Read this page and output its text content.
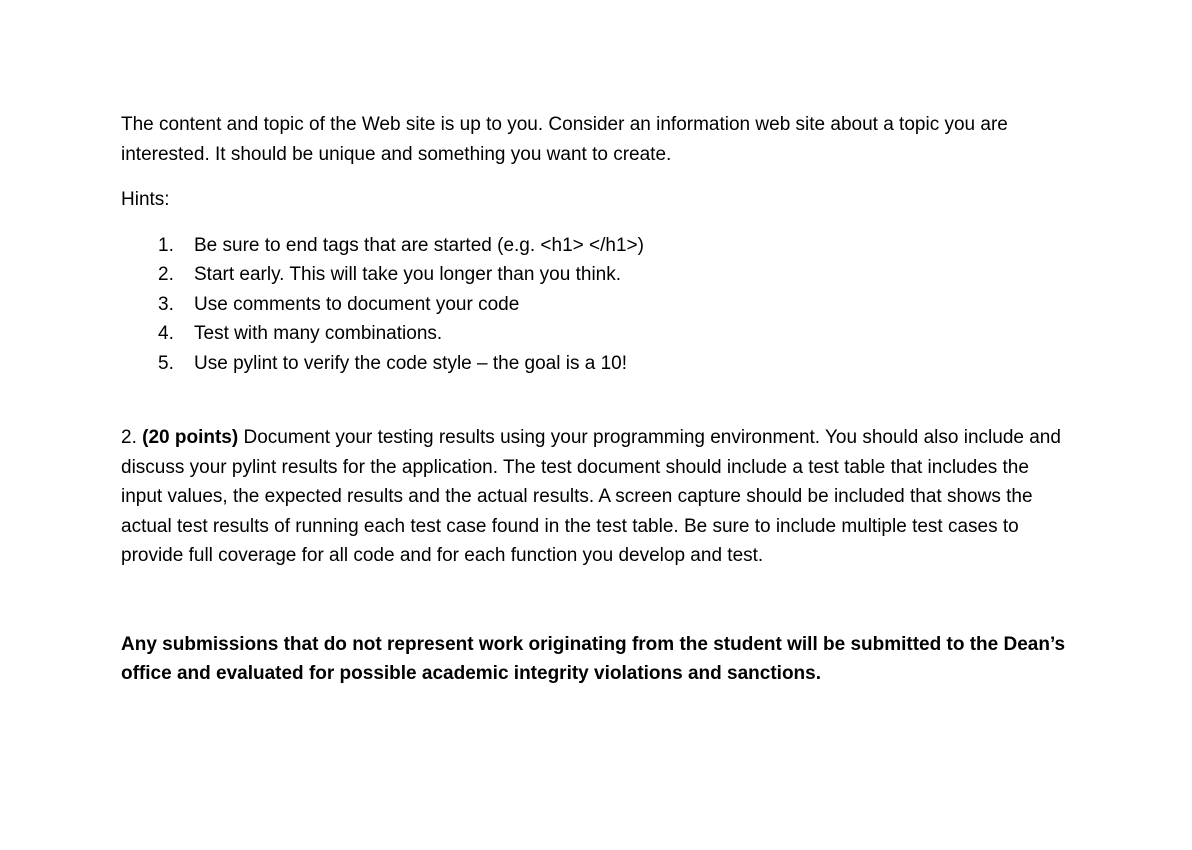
The content and topic of the Web site is up to you. Consider an information web site about a topic you are interested. It should be unique and something you want to create.

Hints:

1.	Be sure to end tags that are started (e.g. <h1> </h1>)
2.	Start early. This will take you longer than you think.
3.	Use comments to document your code
4.	Test with many combinations.
5.	Use pylint to verify the code style – the goal is a 10!

2. (20 points) Document your testing results using your programming environment. You should also include and discuss your pylint results for the application. The test document should include a test table that includes the input values, the expected results and the actual results. A screen capture should be included that shows the actual test results of running each test case found in the test table. Be sure to include multiple test cases to provide full coverage for all code and for each function you develop and test.

Any submissions that do not represent work originating from the student will be submitted to the Dean’s office and evaluated for possible academic integrity violations and sanctions.
